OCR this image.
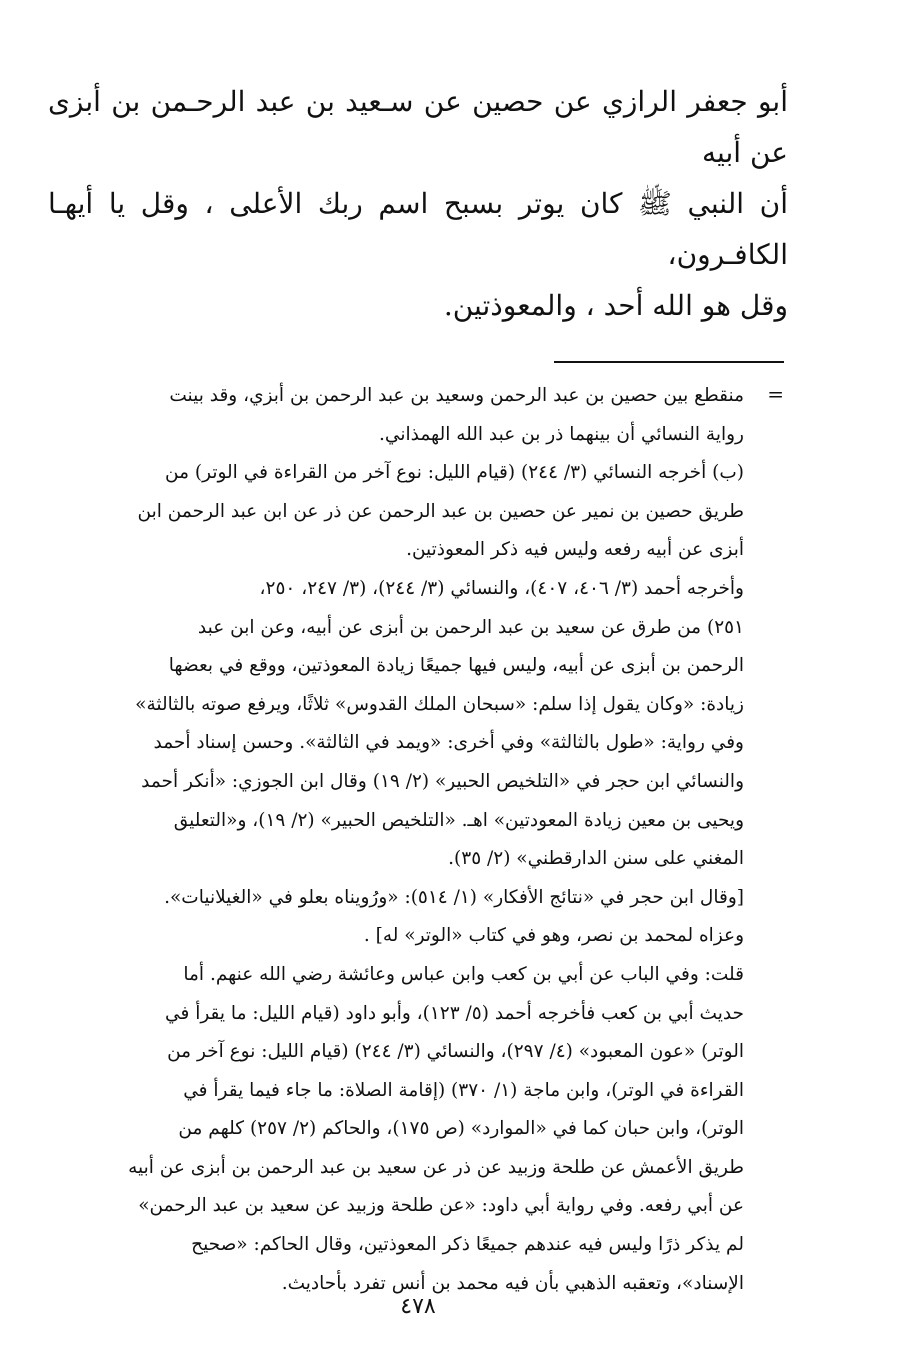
أبو جعفر الرازي عن حصين عن سـعيد بن عبد الرحـمن بن أبزى عن أبيه
أن النبي ﷺ كان يوتر بسبح اسم ربك الأعلى ، وقل يا أيهـا الكافـرون،
وقل هو الله أحد ، والمعوذتين.

=

منقطع بين حصين بن عبد الرحمن وسعيد بن عبد الرحمن بن أبزي، وقد بينت
رواية النسائي أن بينهما ذر بن عبد الله الهمذاني.

(ب) أخرجه النسائي (٣/ ٢٤٤) (قيام الليل: نوع آخر من القراءة في الوتر) من
طريق حصين بن نمير عن حصين بن عبد الرحمن عن ذر عن ابن عبد الرحمن ابن
أبزى عن أبيه رفعه وليس فيه ذكر المعوذتين.

وأخرجه أحمد (٣/ ٤٠٦، ٤٠٧)، والنسائي (٣/ ٢٤٤)، (٣/ ٢٤٧، ٢٥٠،
٢٥١) من طرق عن سعيد بن عبد الرحمن بن أبزى عن أبيه، وعن ابن عبد
الرحمن بن أبزى عن أبيه، وليس فيها جميعًا زيادة المعوذتين، ووقع في بعضها
زيادة: «وكان يقول إذا سلم: «سبحان الملك القدوس» ثلاثًا، ويرفع صوته بالثالثة»
وفي رواية: «طول بالثالثة» وفي أخرى: «ويمد في الثالثة». وحسن إسناد أحمد
والنسائي ابن حجر في «التلخيص الحبير» (٢/ ١٩) وقال ابن الجوزي: «أنكر أحمد
ويحيى بن معين زيادة المعودتين» اهـ. «التلخيص الحبير» (٢/ ١٩)، و«التعليق
المغني على سنن الدارقطني» (٢/ ٣٥).

[وقال ابن حجر في «نتائج الأفكار» (١/ ٥١٤): «ورُويناه بعلو في «الغيلانيات».
وعزاه لمحمد بن نصر، وهو في كتاب «الوتر» له] .

قلت: وفي الباب عن أبي بن كعب وابن عباس وعائشة رضي الله عنهم. أما
حديث أبي بن كعب فأخرجه أحمد (٥/ ١٢٣)، وأبو داود (قيام الليل: ما يقرأ في
الوتر) «عون المعبود» (٤/ ٢٩٧)، والنسائي (٣/ ٢٤٤) (قيام الليل: نوع آخر من
القراءة في الوتر)، وابن ماجة (١/ ٣٧٠) (إقامة الصلاة: ما جاء فيما يقرأ في
الوتر)، وابن حبان كما في «الموارد» (ص ١٧٥)، والحاكم (٢/ ٢٥٧) كلهم من
طريق الأعمش عن طلحة وزبيد عن ذر عن سعيد بن عبد الرحمن بن أبزى عن أبيه
عن أبي رفعه. وفي رواية أبي داود: «عن طلحة وزبيد عن سعيد بن عبد الرحمن»
لم يذكر ذرًا وليس فيه عندهم جميعًا ذكر المعوذتين، وقال الحاكم: «صحيح
الإسناد»، وتعقبه الذهبي بأن فيه محمد بن أنس تفرد بأحاديث.

٤٧٨
